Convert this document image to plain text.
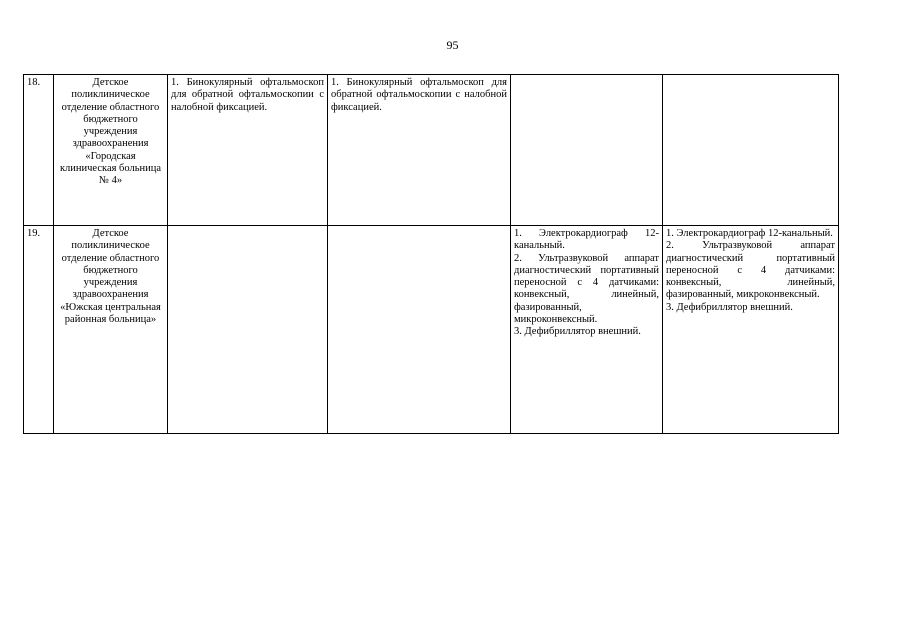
95
18.	Детское поликлиническое отделение областного бюджетного учреждения здравоохранения «Городская клиническая больница № 4»	1. Бинокулярный офтальмоскоп для обратной офтальмоскопии с налобной фиксацией.	1. Бинокулярный офтальмоскоп для обратной офтальмоскопии с налобной фиксацией.		

19.	Детское поликлиническое отделение областного бюджетного учреждения здравоохранения «Южская центральная районная больница»			1. Электрокардиограф 12-канальный.
2. Ультразвуковой аппарат диагностический портативный переносной с 4 датчиками: конвексный, линейный, фазированный, микроконвексный.
3. Дефибриллятор внешний.	1. Электрокардиограф 12-канальный.
2. Ультразвуковой аппарат диагностический портативный переносной с 4 датчиками: конвексный, линейный, фазированный, микроконвексный.
3. Дефибриллятор внешний.
